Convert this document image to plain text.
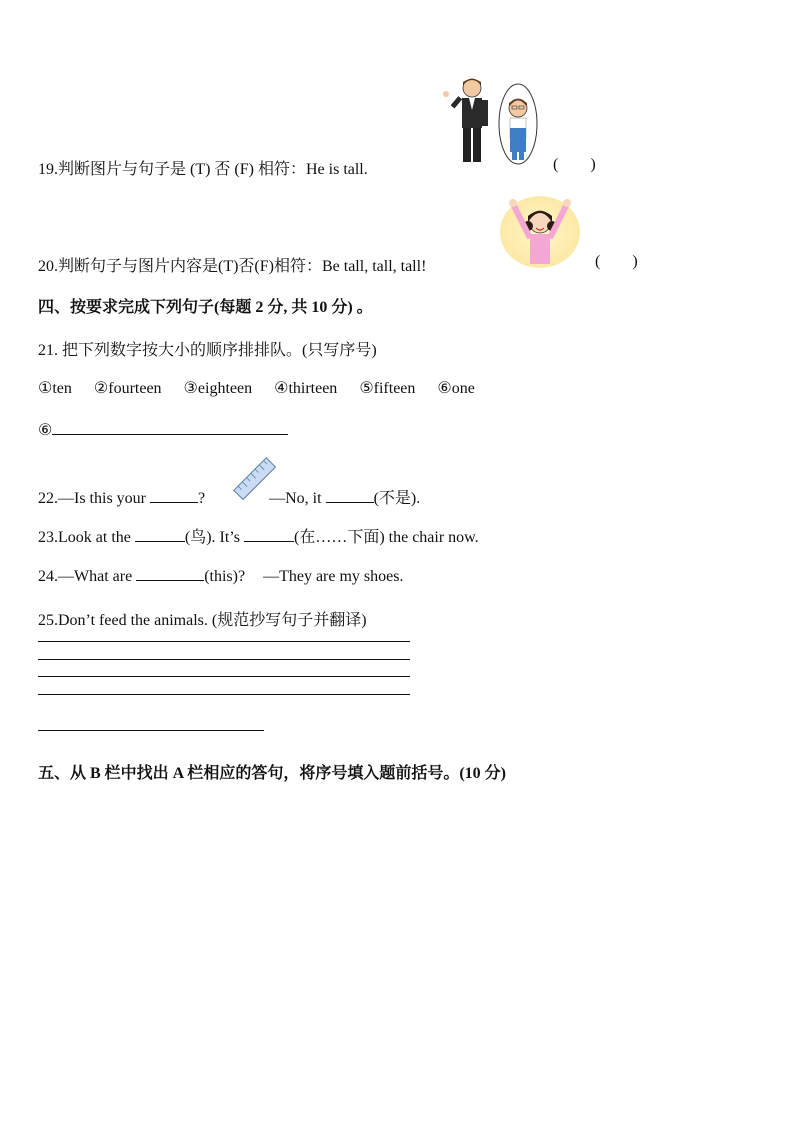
19.判断图片与句子是 (T) 否 (F) 相符：He is tall.	(        )
20.判断句子与图片内容是(T)否(F)相符：Be tall, tall, tall!	(        )
四、按要求完成下列句子(每题 2 分, 共 10 分) 。
21. 把下列数字按大小的顺序排排队。(只写序号)
①ten ②fourteen ③eighteen ④thirteen ⑤fifteen ⑥one
⑥
22.—Is this your	?	—No, it	(不是).
23.Look at the	(鸟). It’s	(在……下面) the chair now.
24.—What are	(this)? —They are my shoes.
25.Don’t feed the animals. (规范抄写句子并翻译)
五、从 B 栏中找出 A 栏相应的答句，将序号填入题前括号。(10 分)
